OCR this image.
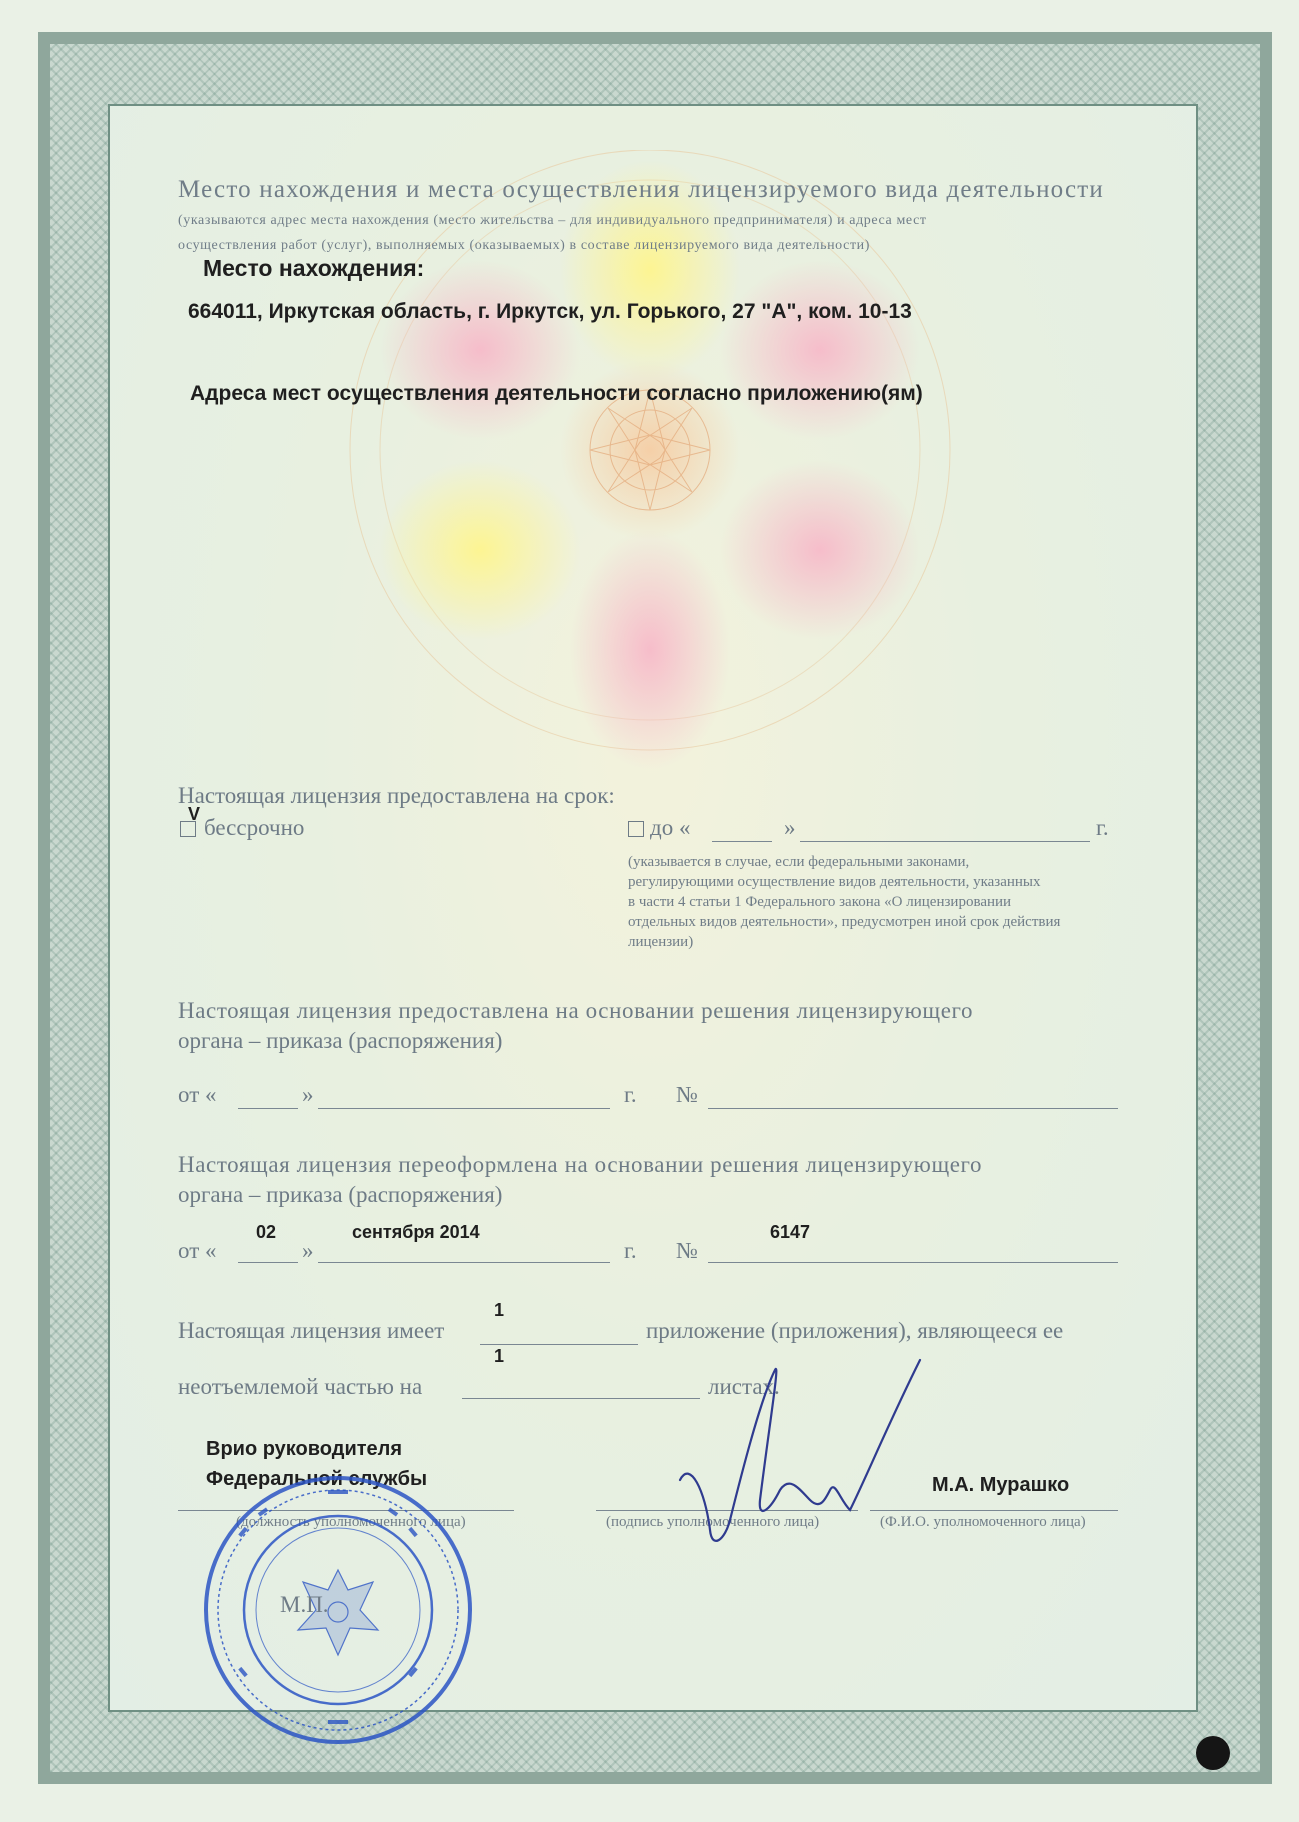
Место нахождения и места осуществления лицензируемого вида деятельности
(указываются адрес места нахождения (место жительства – для индивидуального предпринимателя) и адреса мест
осуществления работ (услуг), выполняемых (оказываемых) в составе лицензируемого вида деятельности)
Место нахождения:
664011, Иркутская область, г. Иркутск, ул. Горького, 27 "А", ком. 10-13
Адреса мест осуществления деятельности согласно приложению(ям)
Настоящая лицензия предоставлена на срок:
V
бессрочно	до «	»	г.
(указывается в случае, если федеральными законами,
регулирующими осуществление видов деятельности, указанных
в части 4 статьи 1 Федерального закона «О лицензировании
отдельных видов деятельности», предусмотрен иной срок действия
лицензии)
Настоящая лицензия предоставлена на основании решения лицензирующего
органа – приказа (распоряжения)
от «	»	г. №
Настоящая лицензия переоформлена на основании решения лицензирующего
органа – приказа (распоряжения)
от «
02
»
сентября 2014
г. №
6147
Настоящая лицензия имеет
1
приложение (приложения), являющееся ее
неотъемлемой частью на
1
листах.
Врио руководителя
Федеральной службы	М.А. Мурашко
(должность уполномоченного лица)	(подпись уполномоченного лица)	(Ф.И.О. уполномоченного лица)
М.П.
